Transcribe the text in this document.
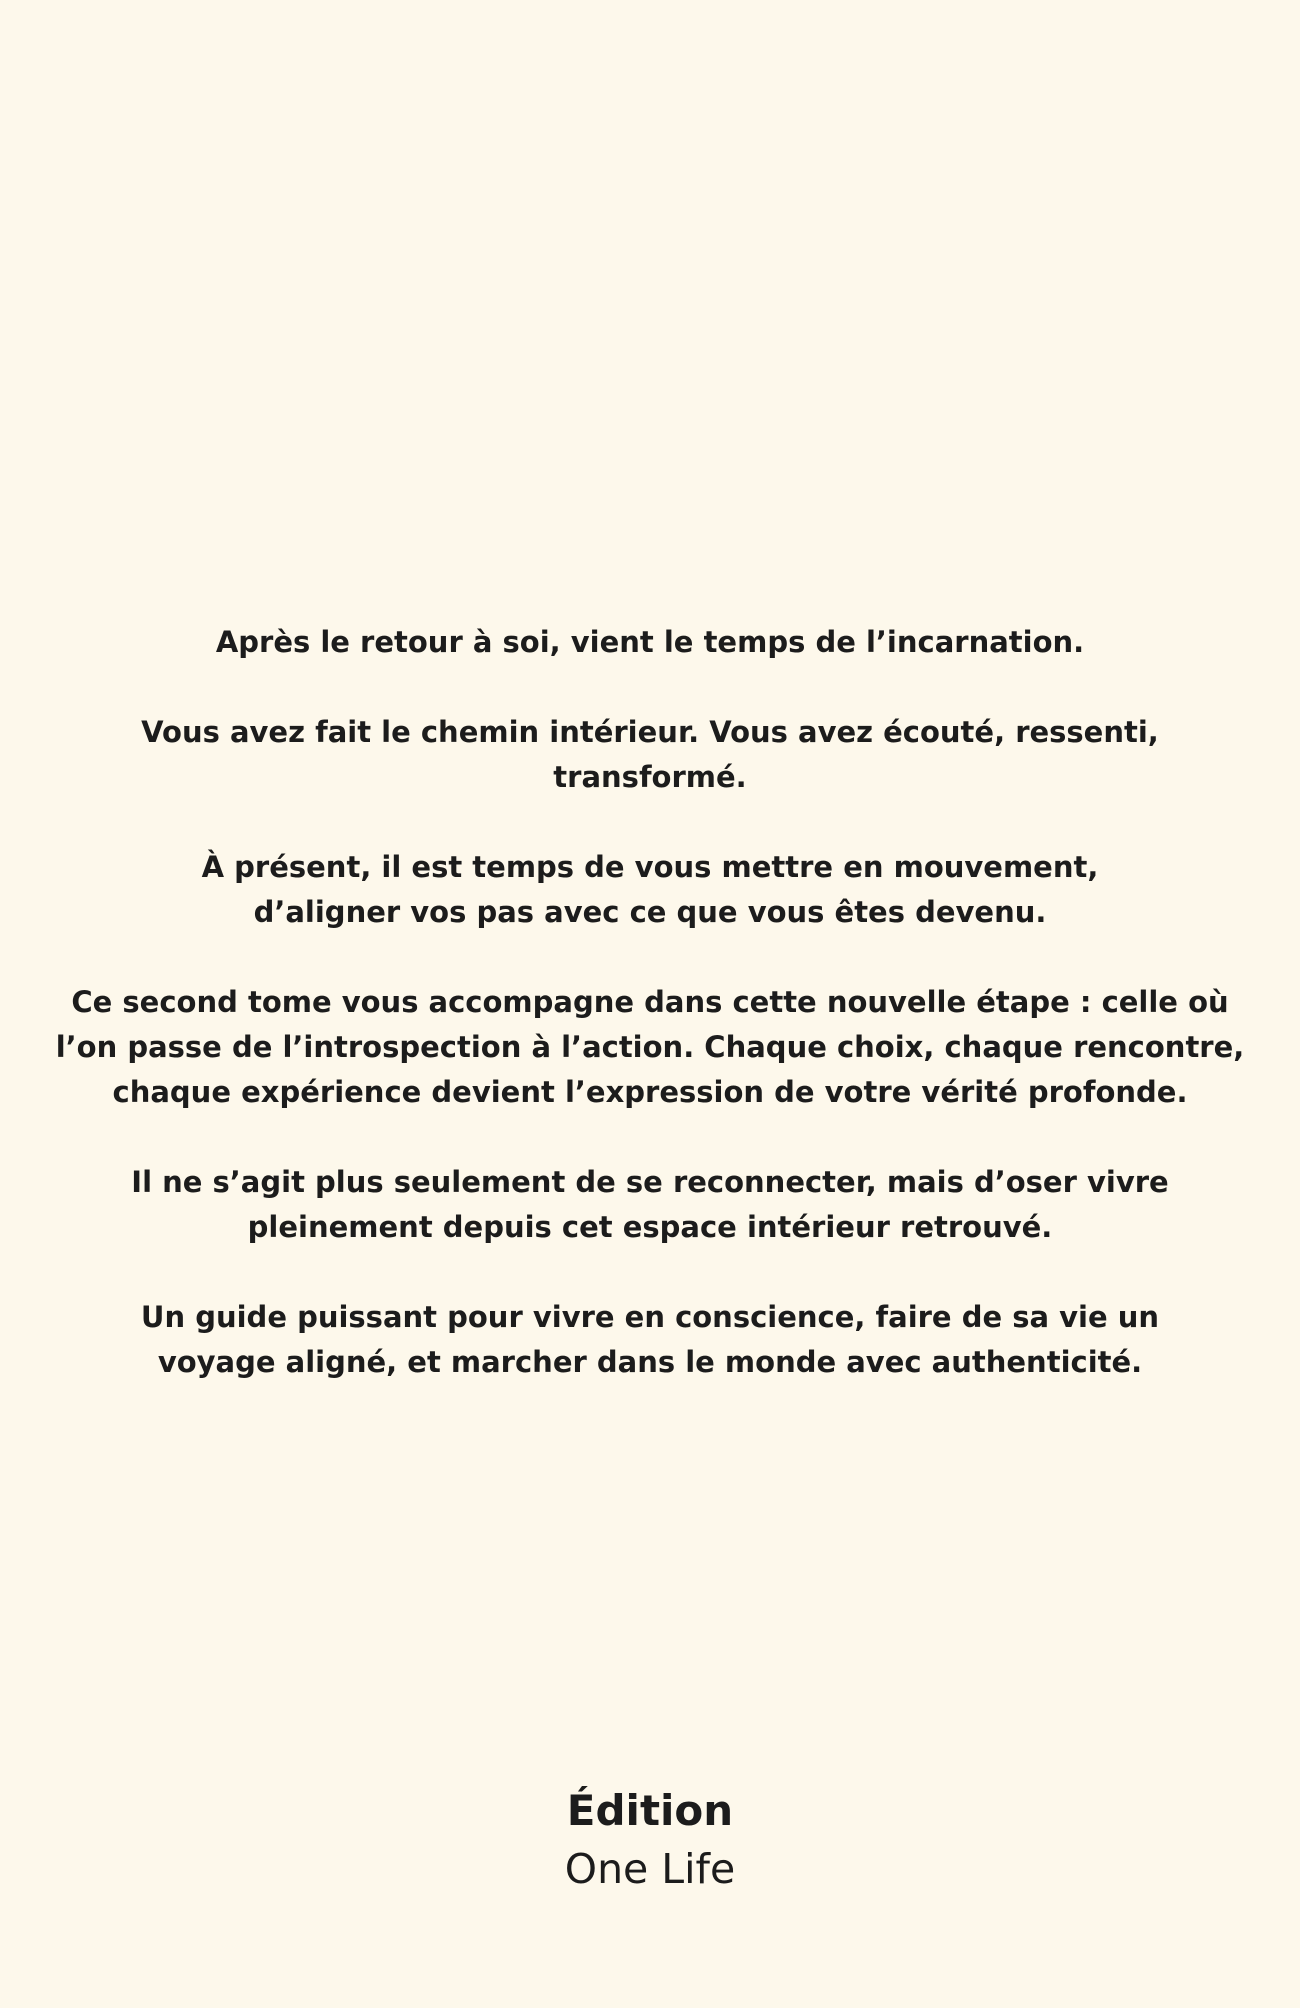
Après le retour à soi, vient le temps de l’incarnation.

Vous avez fait le chemin intérieur. Vous avez écouté, ressenti, transformé.

À présent, il est temps de vous mettre en mouvement,
d’aligner vos pas avec ce que vous êtes devenu.

Ce second tome vous accompagne dans cette nouvelle étape : celle où
l’on passe de l’introspection à l’action. Chaque choix, chaque rencontre,
chaque expérience devient l’expression de votre vérité profonde.

Il ne s’agit plus seulement de se reconnecter, mais d’oser vivre
pleinement depuis cet espace intérieur retrouvé.

Un guide puissant pour vivre en conscience, faire de sa vie un
voyage aligné, et marcher dans le monde avec authenticité.

Édition
One Life
